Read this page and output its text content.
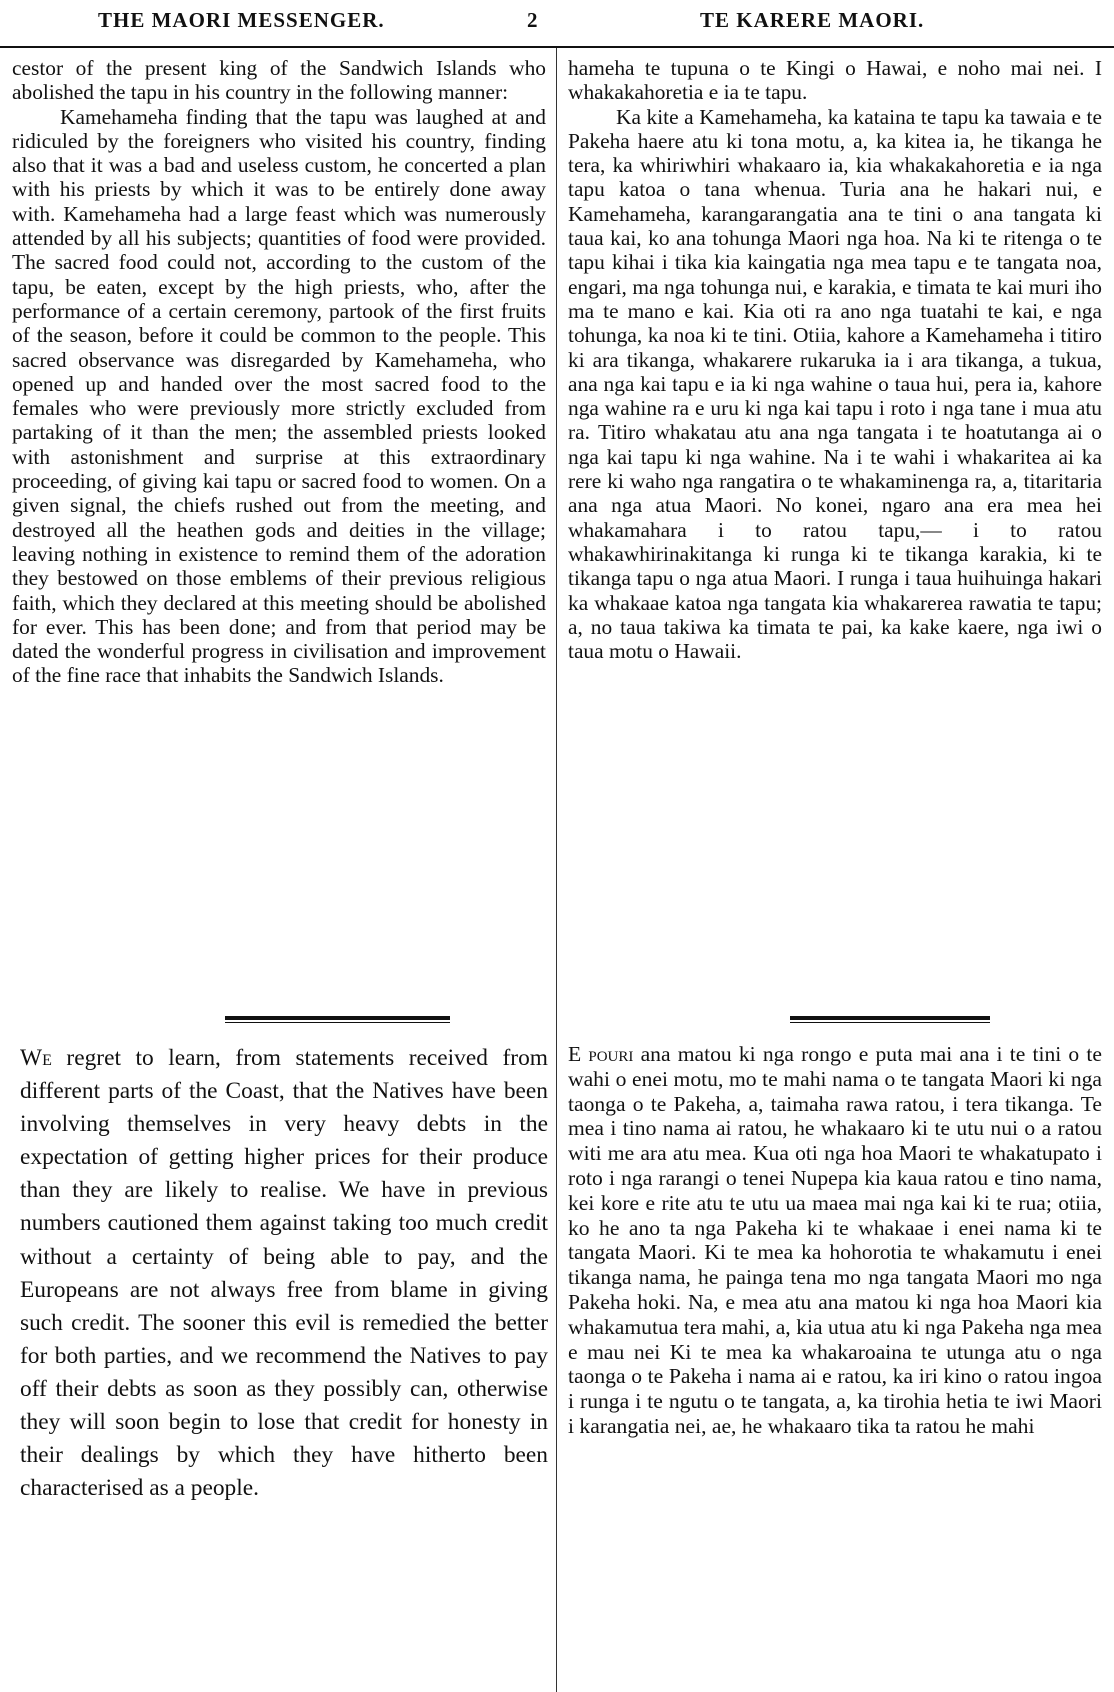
THE MAORI MESSENGER.	2	TE KARERE MAORI.

cestor of the present king of the Sandwich Islands who abolished the tapu in his country in the following manner:

Kamehameha finding that the tapu was laughed at and ridiculed by the foreigners who visited his country, finding also that it was a bad and useless custom, he concerted a plan with his priests by which it was to be entirely done away with. Kamehameha had a large feast which was numerously attended by all his subjects; quantities of food were provided. The sacred food could not, according to the custom of the tapu, be eaten, except by the high priests, who, after the performance of a certain ceremony, partook of the first fruits of the season, before it could be common to the people. This sacred observance was disregarded by Kamehameha, who opened up and handed over the most sacred food to the females who were previously more strictly excluded from partaking of it than the men; the assembled priests looked with astonishment and surprise at this extraordinary proceeding, of giving kai tapu or sacred food to women. On a given signal, the chiefs rushed out from the meeting, and destroyed all the heathen gods and deities in the village; leaving nothing in existence to remind them of the adoration they bestowed on those emblems of their previous religious faith, which they declared at this meeting should be abolished for ever. This has been done; and from that period may be dated the wonderful progress in civilisation and improvement of the fine race that inhabits the Sandwich Islands.

hameha te tupuna o te Kingi o Hawai, e noho mai nei. I whakakahoretia e ia te tapu.

Ka kite a Kamehameha, ka kataina te tapu ka tawaia e te Pakeha haere atu ki tona motu, a, ka kitea ia, he tikanga he tera, ka whiriwhiri whakaaro ia, kia whakakahoretia e ia nga tapu katoa o tana whenua. Turia ana he hakari nui, e Kamehameha, karangarangatia ana te tini o ana tangata ki taua kai, ko ana tohunga Maori nga hoa. Na ki te ritenga o te tapu kihai i tika kia kaingatia nga mea tapu e te tangata noa, engari, ma nga tohunga nui, e karakia, e timata te kai muri iho ma te mano e kai. Kia oti ra ano nga tuatahi te kai, e nga tohunga, ka noa ki te tini. Otiia, kahore a Kamehameha i titiro ki ara tikanga, whakarere rukaruka ia i ara tikanga, a tukua, ana nga kai tapu e ia ki nga wahine o taua hui, pera ia, kahore nga wahine ra e uru ki nga kai tapu i roto i nga tane i mua atu ra. Titiro whakatau atu ana nga tangata i te hoatutanga ai o nga kai tapu ki nga wahine. Na i te wahi i whakaritea ai ka rere ki waho nga rangatira o te whakaminenga ra, a, titaritaria ana nga atua Maori. No konei, ngaro ana era mea hei whakamahara i to ratou tapu,— i to ratou whakawhirinakitanga ki runga ki te tikanga karakia, ki te tikanga tapu o nga atua Maori. I runga i taua huihuinga hakari ka whakaae katoa nga tangata kia whakarerea rawatia te tapu; a, no taua takiwa ka timata te pai, ka kake kaere, nga iwi o taua motu o Hawaii.

We regret to learn, from statements received from different parts of the Coast, that the Natives have been involving themselves in very heavy debts in the expectation of getting higher prices for their produce than they are likely to realise. We have in previous numbers cautioned them against taking too much credit without a certainty of being able to pay, and the Europeans are not always free from blame in giving such credit. The sooner this evil is remedied the better for both parties, and we recommend the Natives to pay off their debts as soon as they possibly can, otherwise they will soon begin to lose that credit for honesty in their dealings by which they have hitherto been characterised as a people.

E pouri ana matou ki nga rongo e puta mai ana i te tini o te wahi o enei motu, mo te mahi nama o te tangata Maori ki nga taonga o te Pakeha, a, taimaha rawa ratou, i tera tikanga. Te mea i tino nama ai ratou, he whakaaro ki te utu nui o a ratou witi me ara atu mea. Kua oti nga hoa Maori te whakatupato i roto i nga rarangi o tenei Nupepa kia kaua ratou e tino nama, kei kore e rite atu te utu ua maea mai nga kai ki te rua; otiia, ko he ano ta nga Pakeha ki te whakaae i enei nama ki te tangata Maori. Ki te mea ka hohorotia te whakamutu i enei tikanga nama, he painga tena mo nga tangata Maori mo nga Pakeha hoki. Na, e mea atu ana matou ki nga hoa Maori kia whakamutua tera mahi, a, kia utua atu ki nga Pakeha nga mea e mau nei Ki te mea ka whakaroaina te utunga atu o nga taonga o te Pakeha i nama ai e ratou, ka iri kino o ratou ingoa i runga i te ngutu o te tangata, a, ka tirohia hetia te iwi Maori i karangatia nei, ae, he whakaaro tika ta ratou he mahi
